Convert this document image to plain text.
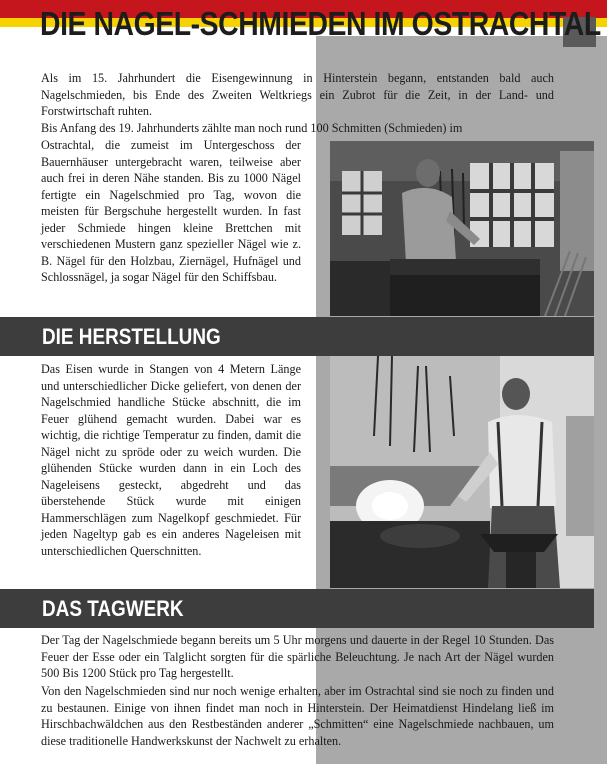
DIE NAGEL-SCHMIEDEN IM OSTRACHTAL

Als im 15. Jahrhundert die Eisengewinnung in Hinterstein begann, entstanden bald auch Nagelschmieden, bis Ende des Zweiten Weltkriegs ein Zubrot für die Zeit, in der Land- und Forstwirtschaft ruhten.

Bis Anfang des 19. Jahrhunderts zählte man noch rund 100 Schmitten (Schmieden) im

Ostrachtal, die zumeist im Untergeschoss der Bauernhäuser untergebracht waren, teilweise aber auch frei in deren Nähe standen. Bis zu 1000 Nägel fertigte ein Nagelschmied pro Tag, wovon die meisten für Bergschuhe hergestellt wurden. In fast jeder Schmiede hingen kleine Brettchen mit verschiedenen Mustern ganz spezieller Nägel wie z. B. Nägel für den Holzbau, Ziernägel, Hufnägel und Schlossnägel, ja sogar Nägel für den Schiffsbau.

DIE HERSTELLUNG

Das Eisen wurde in Stangen von 4 Metern Länge und unterschiedlicher Dicke geliefert, von denen der Nagelschmied handliche Stücke abschnitt, die im Feuer glühend gemacht wurden. Dabei war es wichtig, die richtige Temperatur zu finden, damit die Nägel nicht zu spröde oder zu weich wurden. Die glühenden Stücke wurden dann in ein Loch des Nageleisens gesteckt, abgedreht und das überstehende Stück wurde mit einigen Hammerschlägen zum Nagelkopf geschmiedet. Für jeden Nageltyp gab es ein anderes Nageleisen mit unterschiedlichen Querschnitten.

DAS TAGWERK

Der Tag der Nagelschmiede begann bereits um 5 Uhr morgens und dauerte in der Regel 10 Stunden. Das Feuer der Esse oder ein Talglicht sorgten für die spärliche Beleuchtung. Je nach Art der Nägel wurden 500 Bis 1200 Stück pro Tag hergestellt.

Von den Nagelschmieden sind nur noch wenige erhalten, aber im Ostrachtal sind sie noch zu finden und zu bestaunen. Einige von ihnen findet man noch in Hinterstein. Der Heimatdienst Hindelang ließ im Hirschbachwäldchen aus den Restbeständen anderer „Schmitten“ eine Nagelschmiede nachbauen, um diese traditionelle Handwerkskunst der Nachwelt zu erhalten.
